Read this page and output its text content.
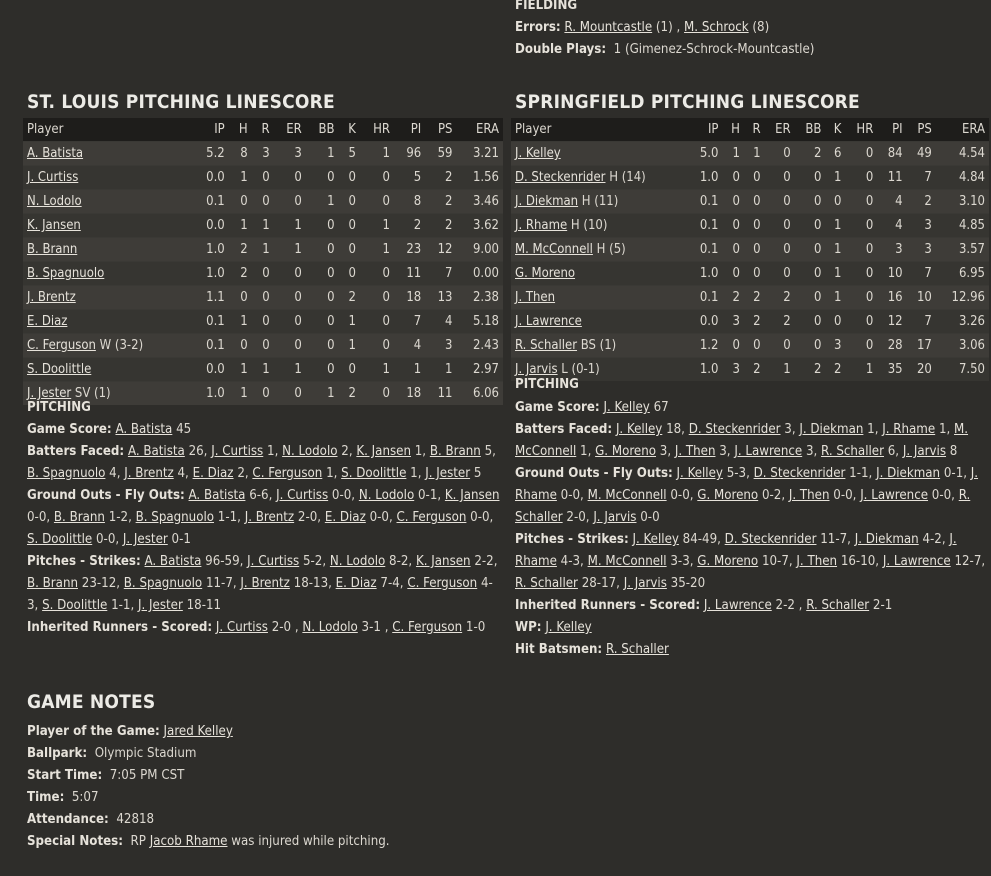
FIELDING
Errors: R. Mountcastle (1) , M. Schrock (8)
Double Plays: 1 (Gimenez-Schrock-Mountcastle)
ST. LOUIS PITCHING LINESCORE
Player	IP	H	R	ER	BB	K	HR	PI	PS	ERA
A. Batista	5.2	8	3	3	1	5	1	96	59	3.21
J. Curtiss	0.0	1	0	0	0	0	0	5	2	1.56
N. Lodolo	0.1	0	0	0	1	0	0	8	2	3.46
K. Jansen	0.0	1	1	1	0	0	1	2	2	3.62
B. Brann	1.0	2	1	1	0	0	1	23	12	9.00
B. Spagnuolo	1.0	2	0	0	0	0	0	11	7	0.00
J. Brentz	1.1	0	0	0	0	2	0	18	13	2.38
E. Diaz	0.1	1	0	0	0	1	0	7	4	5.18
C. Ferguson W (3-2)	0.1	0	0	0	0	1	0	4	3	2.43
S. Doolittle	0.0	1	1	1	0	0	1	1	1	2.97
J. Jester SV (1)	1.0	1	0	0	1	2	0	18	11	6.06
PITCHING
Game Score: A. Batista 45
Batters Faced: A. Batista 26, J. Curtiss 1, N. Lodolo 2, K. Jansen 1, B. Brann 5, B. Spagnuolo 4, J. Brentz 4, E. Diaz 2, C. Ferguson 1, S. Doolittle 1, J. Jester 5
Ground Outs - Fly Outs: A. Batista 6-6, J. Curtiss 0-0, N. Lodolo 0-1, K. Jansen 0-0, B. Brann 1-2, B. Spagnuolo 1-1, J. Brentz 2-0, E. Diaz 0-0, C. Ferguson 0-0, S. Doolittle 0-0, J. Jester 0-1
Pitches - Strikes: A. Batista 96-59, J. Curtiss 5-2, N. Lodolo 8-2, K. Jansen 2-2, B. Brann 23-12, B. Spagnuolo 11-7, J. Brentz 18-13, E. Diaz 7-4, C. Ferguson 4-3, S. Doolittle 1-1, J. Jester 18-11
Inherited Runners - Scored: J. Curtiss 2-0 , N. Lodolo 3-1 , C. Ferguson 1-0
SPRINGFIELD PITCHING LINESCORE
Player	IP	H	R	ER	BB	K	HR	PI	PS	ERA
J. Kelley	5.0	1	1	0	2	6	0	84	49	4.54
D. Steckenrider H (14)	1.0	0	0	0	0	1	0	11	7	4.84
J. Diekman H (11)	0.1	0	0	0	0	0	0	4	2	3.10
J. Rhame H (10)	0.1	0	0	0	0	1	0	4	3	4.85
M. McConnell H (5)	0.1	0	0	0	0	1	0	3	3	3.57
G. Moreno	1.0	0	0	0	0	1	0	10	7	6.95
J. Then	0.1	2	2	2	0	1	0	16	10	12.96
J. Lawrence	0.0	3	2	2	0	0	0	12	7	3.26
R. Schaller BS (1)	1.2	0	0	0	0	3	0	28	17	3.06
J. Jarvis L (0-1)	1.0	3	2	1	2	2	1	35	20	7.50
PITCHING
Game Score: J. Kelley 67
Batters Faced: J. Kelley 18, D. Steckenrider 3, J. Diekman 1, J. Rhame 1, M. McConnell 1, G. Moreno 3, J. Then 3, J. Lawrence 3, R. Schaller 6, J. Jarvis 8
Ground Outs - Fly Outs: J. Kelley 5-3, D. Steckenrider 1-1, J. Diekman 0-1, J. Rhame 0-0, M. McConnell 0-0, G. Moreno 0-2, J. Then 0-0, J. Lawrence 0-0, R. Schaller 2-0, J. Jarvis 0-0
Pitches - Strikes: J. Kelley 84-49, D. Steckenrider 11-7, J. Diekman 4-2, J. Rhame 4-3, M. McConnell 3-3, G. Moreno 10-7, J. Then 16-10, J. Lawrence 12-7, R. Schaller 28-17, J. Jarvis 35-20
Inherited Runners - Scored: J. Lawrence 2-2 , R. Schaller 2-1
WP: J. Kelley
Hit Batsmen: R. Schaller
GAME NOTES
Player of the Game: Jared Kelley
Ballpark: Olympic Stadium
Start Time: 7:05 PM CST
Time: 5:07
Attendance: 42818
Special Notes: RP Jacob Rhame was injured while pitching.
